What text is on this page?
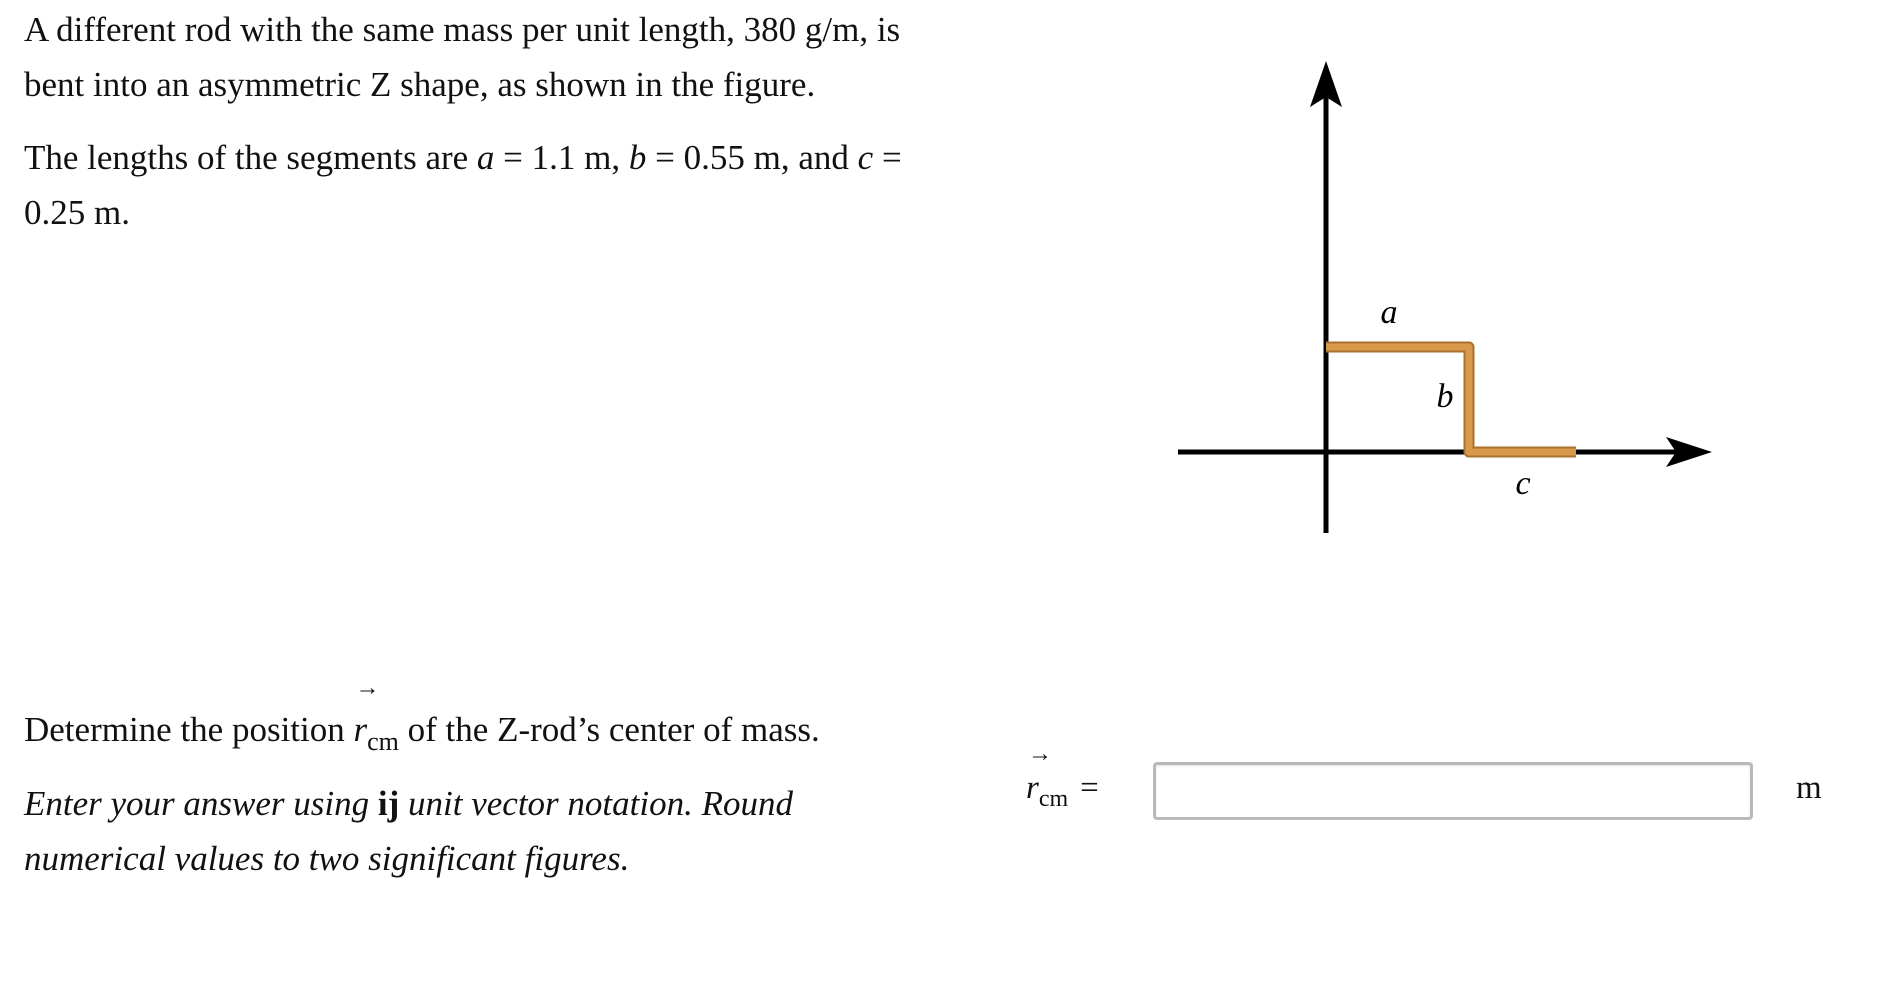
A different rod with the same mass per unit length, 380 g/m, is bent into an asymmetric Z shape, as shown in the figure.

The lengths of the segments are a = 1.1 m, b = 0.55 m, and c = 0.25 m.

Determine the position
→
$r_{cm}$ of the Z-rod’s center of mass.

Enter your answer using ij unit vector notation. Round numerical values to two significant figures.

a
b
c
→
$r_{cm}$ =	m
